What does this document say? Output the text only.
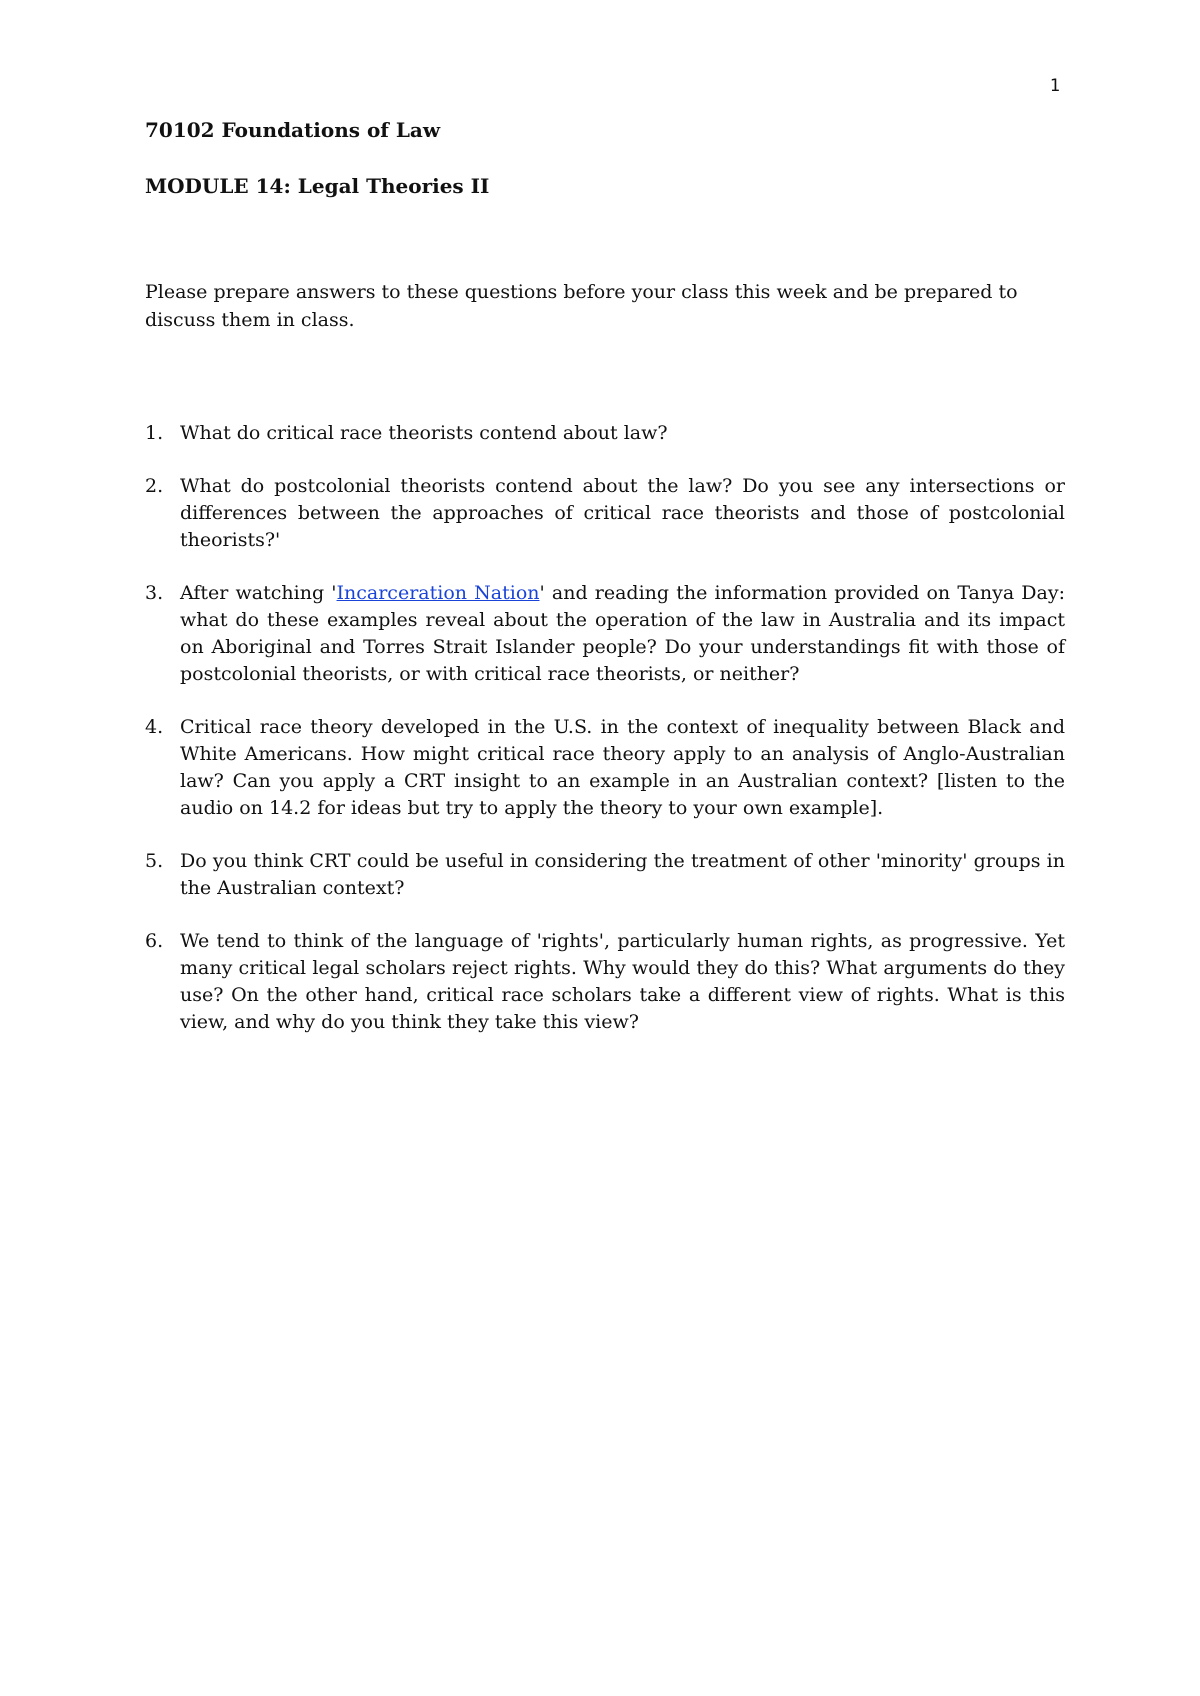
1

70102 Foundations of Law

MODULE 14: Legal Theories II

Please prepare answers to these questions before your class this week and be prepared to discuss them in class.

1. What do critical race theorists contend about law?
2. What do postcolonial theorists contend about the law? Do you see any intersections or differences between the approaches of critical race theorists and those of postcolonial theorists?'
3. After watching 'Incarceration Nation' and reading the information provided on Tanya Day: what do these examples reveal about the operation of the law in Australia and its impact on Aboriginal and Torres Strait Islander people? Do your understandings fit with those of postcolonial theorists, or with critical race theorists, or neither?
4. Critical race theory developed in the U.S. in the context of inequality between Black and White Americans. How might critical race theory apply to an analysis of Anglo-Australian law? Can you apply a CRT insight to an example in an Australian context? [listen to the audio on 14.2 for ideas but try to apply the theory to your own example].
5. Do you think CRT could be useful in considering the treatment of other 'minority' groups in the Australian context?
6. We tend to think of the language of 'rights', particularly human rights, as progressive. Yet many critical legal scholars reject rights. Why would they do this? What arguments do they use? On the other hand, critical race scholars take a different view of rights. What is this view, and why do you think they take this view?
